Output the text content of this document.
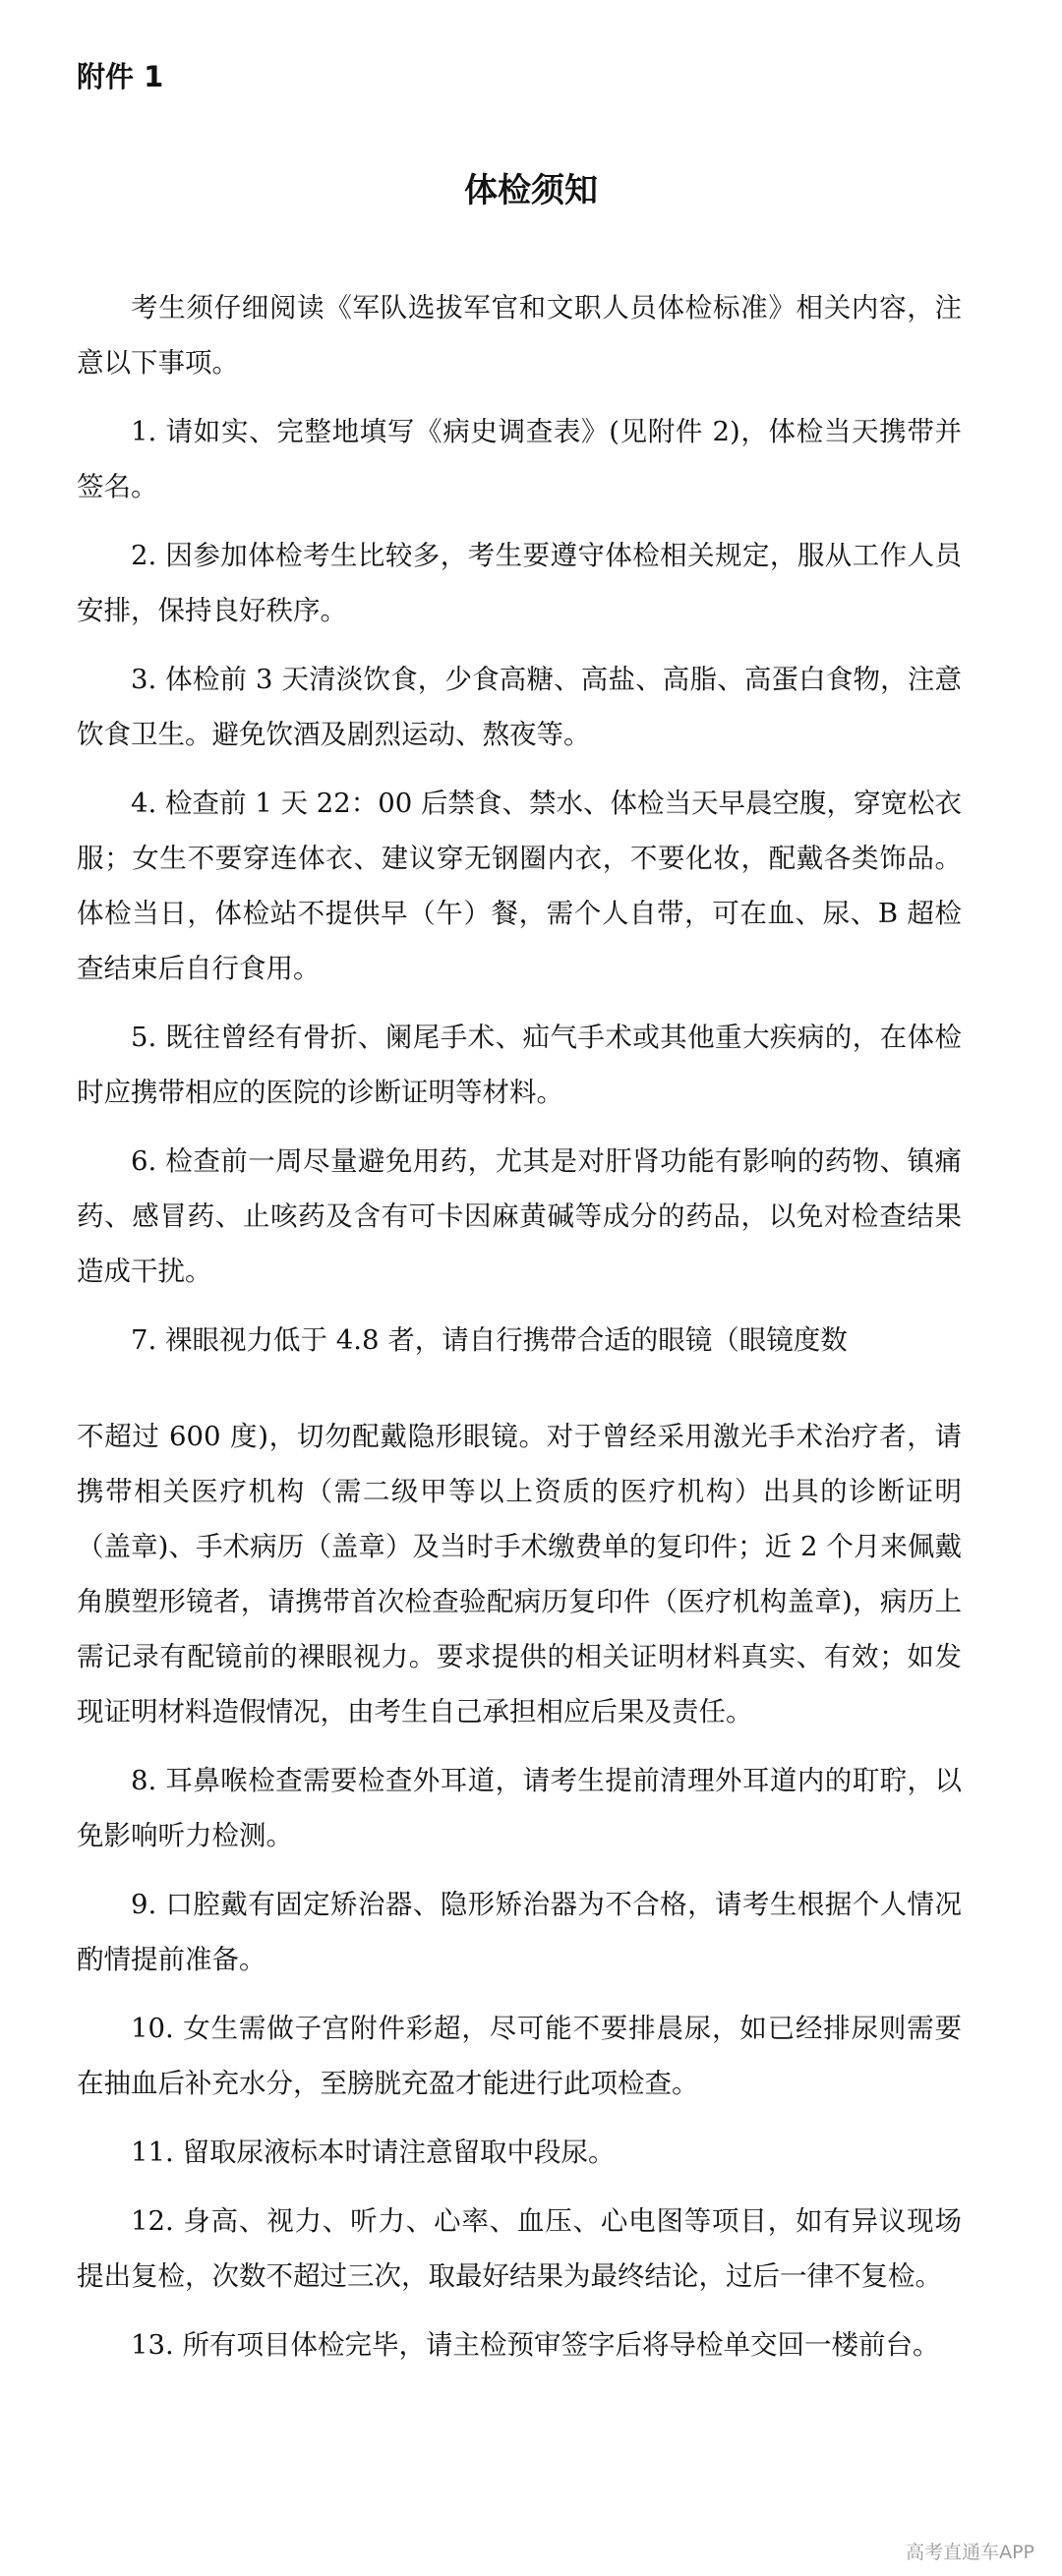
附件 1
体检须知

考生须仔细阅读《军队选拔军官和文职人员体检标准》相关内容，注意以下事项。

1. 请如实、完整地填写《病史调查表》(见附件 2)，体检当天携带并签名。

2. 因参加体检考生比较多，考生要遵守体检相关规定，服从工作人员安排，保持良好秩序。

3. 体检前 3 天清淡饮食，少食高糖、高盐、高脂、高蛋白食物，注意饮食卫生。避免饮酒及剧烈运动、熬夜等。

4. 检查前 1 天 22：00 后禁食、禁水、体检当天早晨空腹，穿宽松衣服；女生不要穿连体衣、建议穿无钢圈内衣，不要化妆，配戴各类饰品。体检当日，体检站不提供早（午）餐，需个人自带，可在血、尿、B 超检查结束后自行食用。

5. 既往曾经有骨折、阑尾手术、疝气手术或其他重大疾病的，在体检时应携带相应的医院的诊断证明等材料。

6. 检查前一周尽量避免用药，尤其是对肝肾功能有影响的药物、镇痛药、感冒药、止咳药及含有可卡因麻黄碱等成分的药品，以免对检查结果造成干扰。

7. 裸眼视力低于 4.8 者，请自行携带合适的眼镜（眼镜度数

不超过 600 度)，切勿配戴隐形眼镜。对于曾经采用激光手术治疗者，请携带相关医疗机构（需二级甲等以上资质的医疗机构）出具的诊断证明（盖章)、手术病历（盖章）及当时手术缴费单的复印件；近 2 个月来佩戴角膜塑形镜者，请携带首次检查验配病历复印件（医疗机构盖章)，病历上需记录有配镜前的裸眼视力。要求提供的相关证明材料真实、有效；如发现证明材料造假情况，由考生自己承担相应后果及责任。

8. 耳鼻喉检查需要检查外耳道，请考生提前清理外耳道内的耵聍，以免影响听力检测。

9. 口腔戴有固定矫治器、隐形矫治器为不合格，请考生根据个人情况酌情提前准备。

10. 女生需做子宫附件彩超，尽可能不要排晨尿，如已经排尿则需要在抽血后补充水分，至膀胱充盈才能进行此项检查。

11. 留取尿液标本时请注意留取中段尿。

12. 身高、视力、听力、心率、血压、心电图等项目，如有异议现场提出复检，次数不超过三次，取最好结果为最终结论，过后一律不复检。

13. 所有项目体检完毕，请主检预审签字后将导检单交回一楼前台。

高考直通车APP
